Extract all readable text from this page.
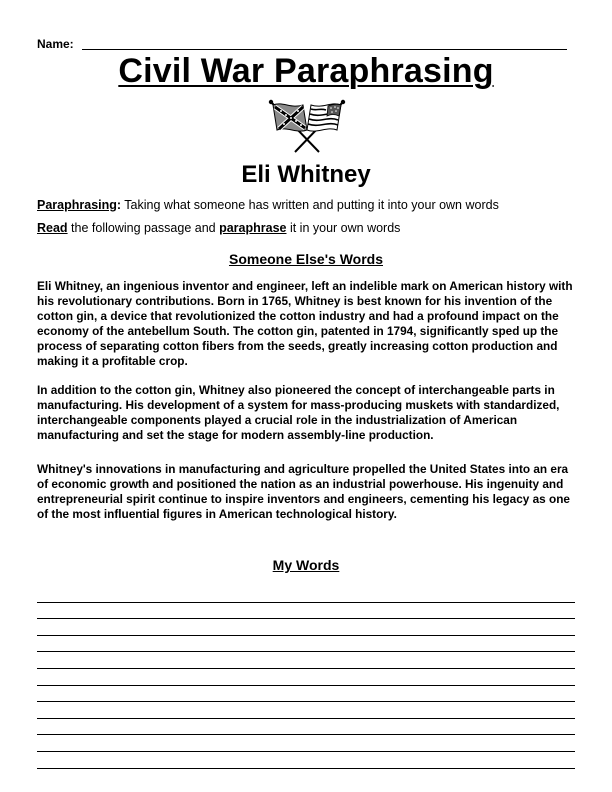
Name:
Civil War Paraphrasing
Eli Whitney
Paraphrasing: Taking what someone has written and putting it into your own words
Read the following passage and paraphrase it in your own words
Someone Else's Words

Eli Whitney, an ingenious inventor and engineer, left an indelible mark on American history with his revolutionary contributions. Born in 1765, Whitney is best known for his invention of the cotton gin, a device that revolutionized the cotton industry and had a profound impact on the economy of the antebellum South. The cotton gin, patented in 1794, significantly sped up the process of separating cotton fibers from the seeds, greatly increasing cotton production and making it a profitable crop.

In addition to the cotton gin, Whitney also pioneered the concept of interchangeable parts in manufacturing. His development of a system for mass-producing muskets with standardized, interchangeable components played a crucial role in the industrialization of American manufacturing and set the stage for modern assembly-line production.

Whitney's innovations in manufacturing and agriculture propelled the United States into an era of economic growth and positioned the nation as an industrial powerhouse. His ingenuity and entrepreneurial spirit continue to inspire inventors and engineers, cementing his legacy as one of the most influential figures in American technological history.

My Words
